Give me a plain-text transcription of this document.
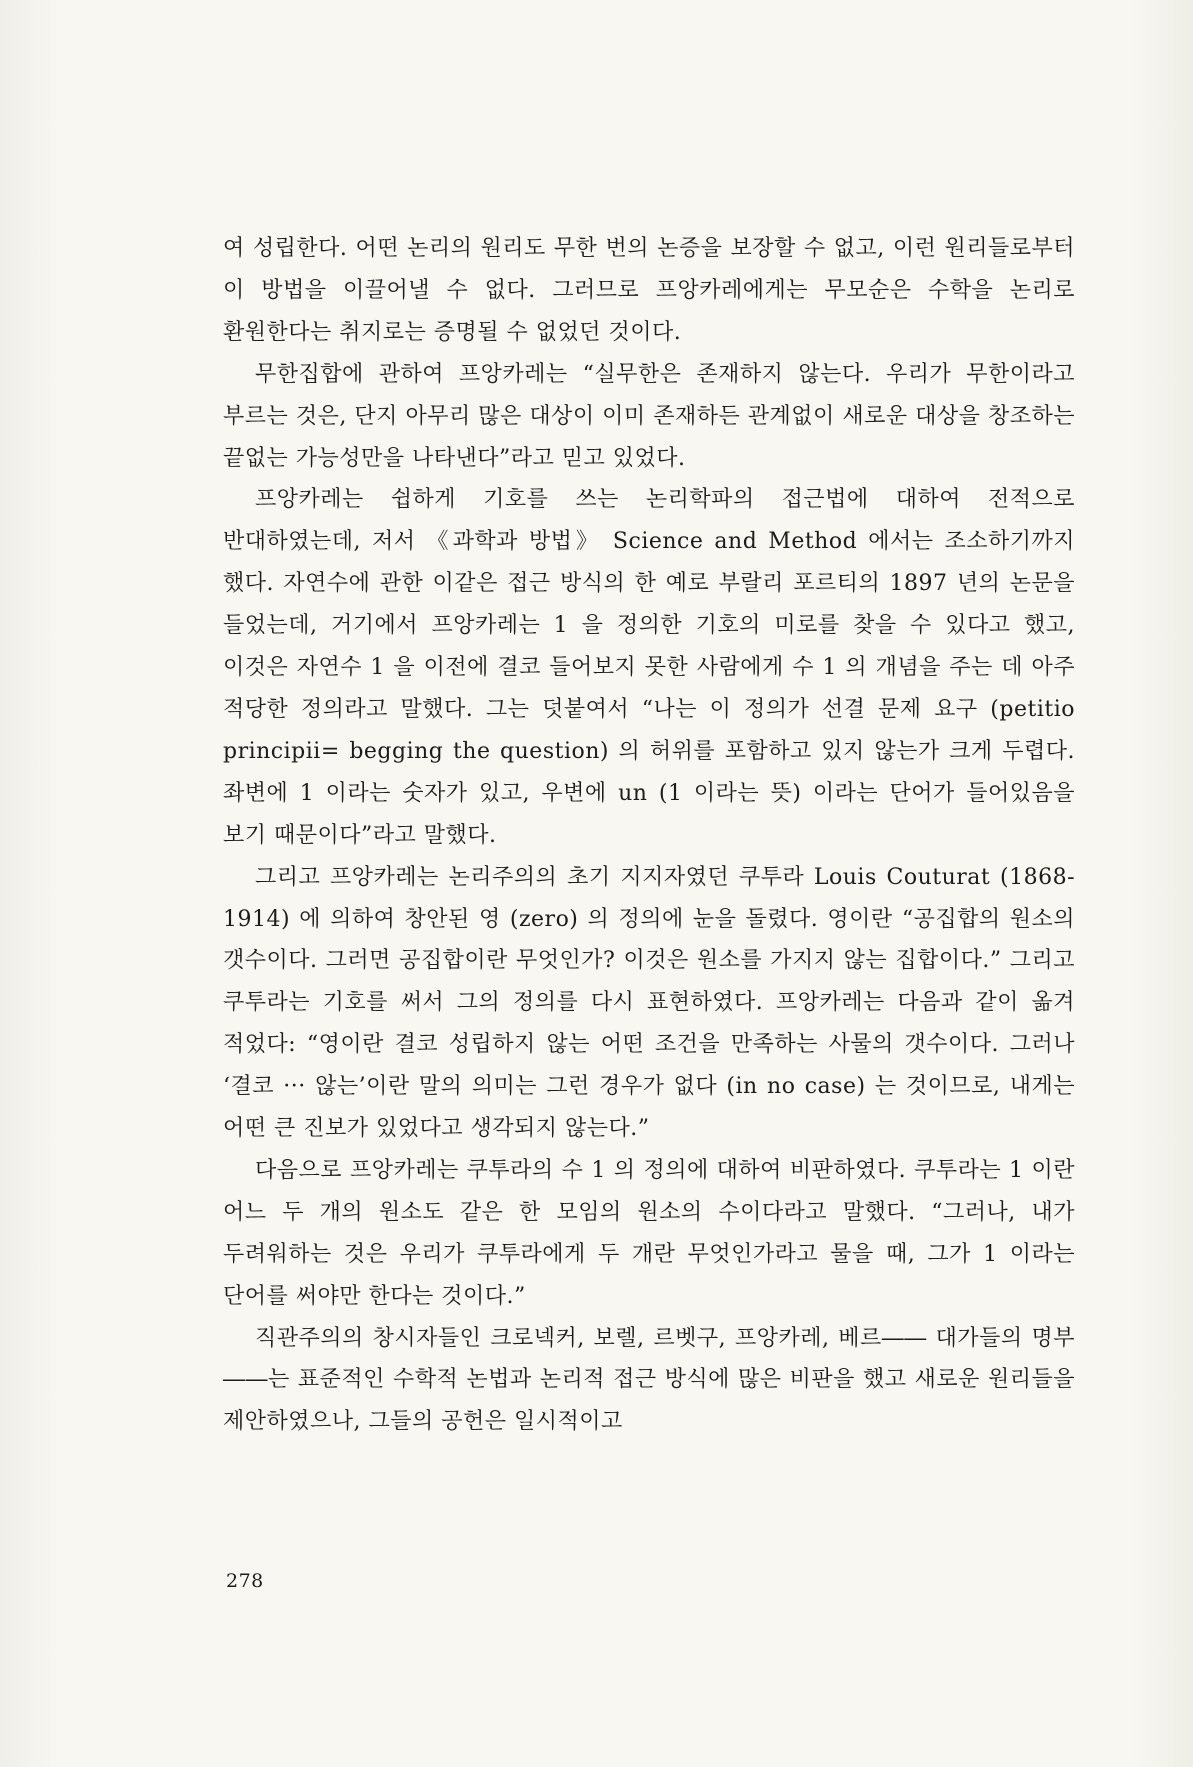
여 성립한다. 어떤 논리의 원리도 무한 번의 논증을 보장할 수 없고, 이런 원리들로부터 이 방법을 이끌어낼 수 없다. 그러므로 프앙카레에게는 무모순은 수학을 논리로 환원한다는 취지로는 증명될 수 없었던 것이다.

무한집합에 관하여 프앙카레는 “실무한은 존재하지 않는다. 우리가 무한이라고 부르는 것은, 단지 아무리 많은 대상이 이미 존재하든 관계없이 새로운 대상을 창조하는 끝없는 가능성만을 나타낸다”라고 믿고 있었다.

프앙카레는 쉽하게 기호를 쓰는 논리학파의 접근법에 대하여 전적으로 반대하였는데, 저서 《과학과 방법》 Science and Method 에서는 조소하기까지 했다. 자연수에 관한 이같은 접근 방식의 한 예로 부랄리 포르티의 1897 년의 논문을 들었는데, 거기에서 프앙카레는 1 을 정의한 기호의 미로를 찾을 수 있다고 했고, 이것은 자연수 1 을 이전에 결코 들어보지 못한 사람에게 수 1 의 개념을 주는 데 아주 적당한 정의라고 말했다. 그는 덧붙여서 “나는 이 정의가 선결 문제 요구 (petitio principii= begging the question) 의 허위를 포함하고 있지 않는가 크게 두렵다. 좌변에 1 이라는 숫자가 있고, 우변에 un (1 이라는 뜻) 이라는 단어가 들어있음을 보기 때문이다”라고 말했다.

그리고 프앙카레는 논리주의의 초기 지지자였던 쿠투라 Louis Couturat (1868-1914) 에 의하여 창안된 영 (zero) 의 정의에 눈을 돌렸다. 영이란 “공집합의 원소의 갯수이다. 그러면 공집합이란 무엇인가? 이것은 원소를 가지지 않는 집합이다.” 그리고 쿠투라는 기호를 써서 그의 정의를 다시 표현하였다. 프앙카레는 다음과 같이 옮겨 적었다: “영이란 결코 성립하지 않는 어떤 조건을 만족하는 사물의 갯수이다. 그러나 ‘결코 ··· 않는’이란 말의 의미는 그런 경우가 없다 (in no case) 는 것이므로, 내게는 어떤 큰 진보가 있었다고 생각되지 않는다.”

다음으로 프앙카레는 쿠투라의 수 1 의 정의에 대하여 비판하였다. 쿠투라는 1 이란 어느 두 개의 원소도 같은 한 모임의 원소의 수이다라고 말했다. “그러나, 내가 두려워하는 것은 우리가 쿠투라에게 두 개란 무엇인가라고 물을 때, 그가 1 이라는 단어를 써야만 한다는 것이다.”

직관주의의 창시자들인 크로넥커, 보렐, 르벳구, 프앙카레, 베르―― 대가들의 명부――는 표준적인 수학적 논법과 논리적 접근 방식에 많은 비판을 했고 새로운 원리들을 제안하였으나, 그들의 공헌은 일시적이고

278
